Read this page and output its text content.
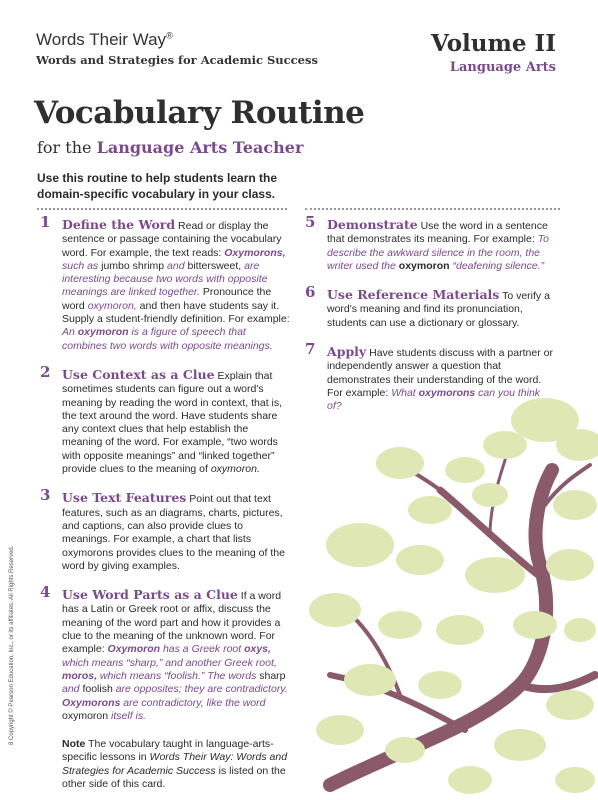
Words Their Way®
Words and Strategies for Academic Success
Volume II
Language Arts
Vocabulary Routine
for the Language Arts Teacher
Use this routine to help students learn the domain-specific vocabulary in your class.
1 Define the Word Read or display the sentence or passage containing the vocabulary word. For example, the text reads: Oxymorons, such as jumbo shrimp and bittersweet, are interesting because two words with opposite meanings are linked together. Pronounce the word oxymoron, and then have students say it. Supply a student-friendly definition. For example: An oxymoron is a figure of speech that combines two words with opposite meanings.
2 Use Context as a Clue Explain that sometimes students can figure out a word's meaning by reading the word in context, that is, the text around the word. Have students share any context clues that help establish the meaning of the word. For example, “two words with opposite meanings” and “linked together” provide clues to the meaning of oxymoron.
3 Use Text Features Point out that text features, such as an diagrams, charts, pictures, and captions, can also provide clues to meanings. For example, a chart that lists oxymorons provides clues to the meaning of the word by giving examples.
4 Use Word Parts as a Clue If a word has a Latin or Greek root or affix, discuss the meaning of the word part and how it provides a clue to the meaning of the unknown word. For example: Oxymoron has a Greek root oxys, which means “sharp,” and another Greek root, moros, which means “foolish.” The words sharp and foolish are opposites; they are contradictory. Oxymorons are contradictory, like the word oxymoron itself is.
Note The vocabulary taught in language-arts-specific lessons in Words Their Way: Words and Strategies for Academic Success is listed on the other side of this card.
5 Demonstrate Use the word in a sentence that demonstrates its meaning. For example: To describe the awkward silence in the room, the writer used the oxymoron “deafening silence.”
6 Use Reference Materials To verify a word's meaning and find its pronunciation, students can use a dictionary or glossary.
7 Apply Have students discuss with a partner or independently answer a question that demonstrates their understanding of the word. For example: What oxymorons can you think of?
8 Copyright © Pearson Education, Inc., or its affiliates. All Rights Reserved.
